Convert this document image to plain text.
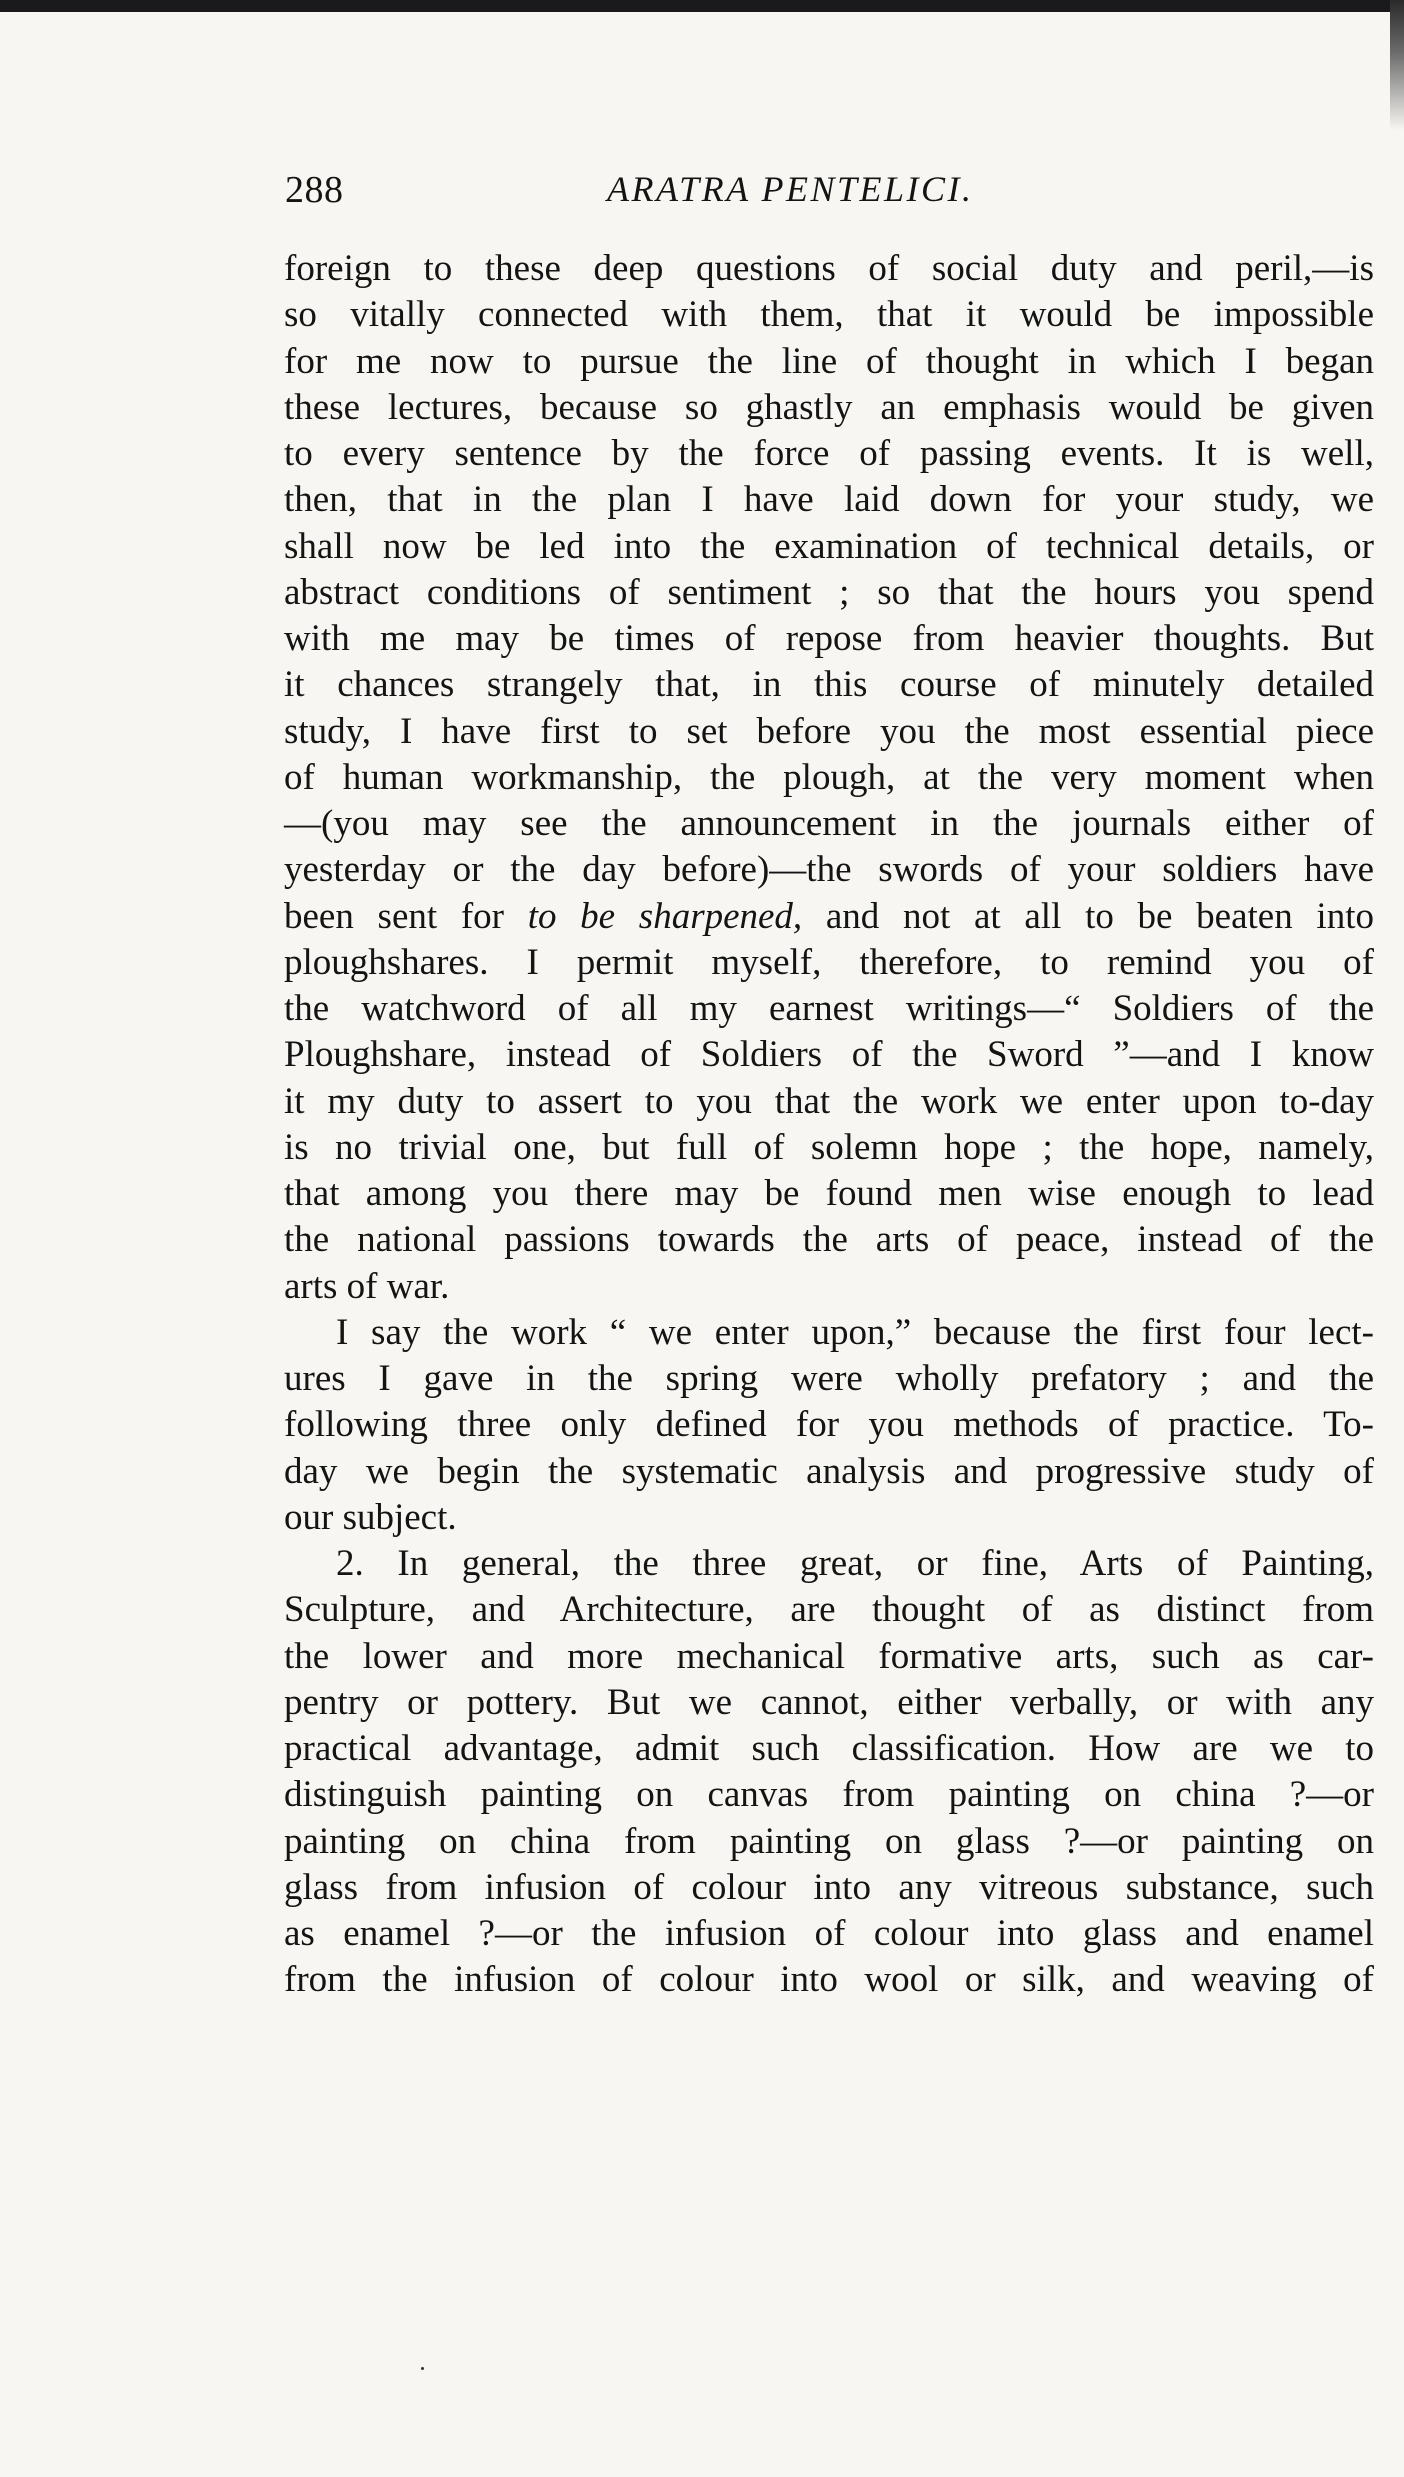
288	ARATRA PENTELICI.
foreign to these deep questions of social duty and peril,—is
so vitally connected with them, that it would be impossible
for me now to pursue the line of thought in which I began
these lectures, because so ghastly an emphasis would be given
to every sentence by the force of passing events. It is well,
then, that in the plan I have laid down for your study, we
shall now be led into the examination of technical details, or
abstract conditions of sentiment ; so that the hours you spend
with me may be times of repose from heavier thoughts. But
it chances strangely that, in this course of minutely detailed
study, I have first to set before you the most essential piece
of human workmanship, the plough, at the very moment when
—(you may see the announcement in the journals either of
yesterday or the day before)—the swords of your soldiers have
been sent for to be sharpened, and not at all to be beaten into
ploughshares. I permit myself, therefore, to remind you of
the watchword of all my earnest writings—“ Soldiers of the
Ploughshare, instead of Soldiers of the Sword ”—and I know
it my duty to assert to you that the work we enter upon to-day
is no trivial one, but full of solemn hope ; the hope, namely,
that among you there may be found men wise enough to lead
the national passions towards the arts of peace, instead of the
arts of war.
I say the work “ we enter upon,” because the first four lect-
ures I gave in the spring were wholly prefatory ; and the
following three only defined for you methods of practice. To-
day we begin the systematic analysis and progressive study of
our subject.
2. In general, the three great, or fine, Arts of Painting,
Sculpture, and Architecture, are thought of as distinct from
the lower and more mechanical formative arts, such as car-
pentry or pottery. But we cannot, either verbally, or with any
practical advantage, admit such classification. How are we to
distinguish painting on canvas from painting on china ?—or
painting on china from painting on glass ?—or painting on
glass from infusion of colour into any vitreous substance, such
as enamel ?—or the infusion of colour into glass and enamel
from the infusion of colour into wool or silk, and weaving of
